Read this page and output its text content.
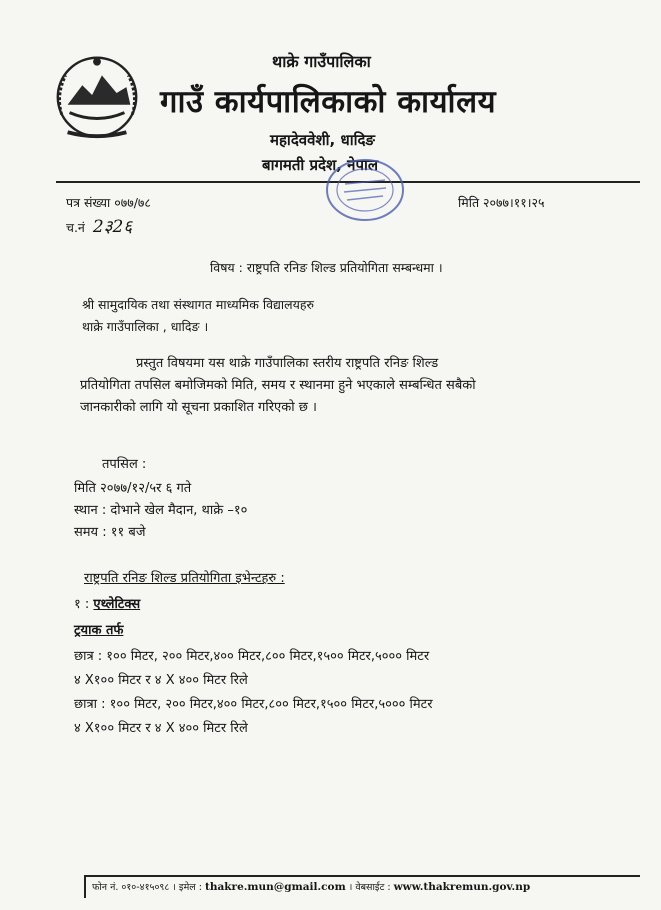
थाक्रे गाउँपालिका
गाउँ कार्यपालिकाको कार्यालय
महादेववेशी, धादिङ
बागमती प्रदेश, नेपाल
पत्र संख्या ०७७/७८
च.नं 2३2६
मिति २०७७।११।२५
विषय : राष्ट्रपति रनिङ शिल्ड प्रतियोगिता सम्बन्धमा ।
श्री सामुदायिक तथा संस्थागत माध्यमिक विद्यालयहरु
थाक्रे गाउँपालिका , धादिङ ।
प्रस्तुत विषयमा यस थाक्रे गाउँपालिका स्तरीय राष्ट्रपति रनिङ शिल्ड
प्रतियोगिता तपसिल बमोजिमको मिति, समय र स्थानमा हुने भएकाले सम्बन्धित सबैको
जानकारीको लागि यो सूचना प्रकाशित गरिएको छ ।
तपसिल :
मिति २०७७/१२/५र ६ गते
स्थान : दोभाने खेल मैदान, थाक्रे –१०
समय : ११ बजे
राष्ट्रपति रनिङ शिल्ड प्रतियोगिता इभेन्टहरु :
१ : एथ्लेटिक्स
ट्रयाक तर्फ
छात्र : १०० मिटर, २०० मिटर,४०० मिटर,८०० मिटर,१५०० मिटर,५००० मिटर
४ X१०० मिटर र ४ X ४०० मिटर रिले
छात्रा : १०० मिटर, २०० मिटर,४०० मिटर,८०० मिटर,१५०० मिटर,५००० मिटर
४ X१०० मिटर र ४ X ४०० मिटर रिले
फोन नं. ०१०-४१५०९८ । इमेल : thakre.mun@gmail.com । वेबसाईट : www.thakremun.gov.np
